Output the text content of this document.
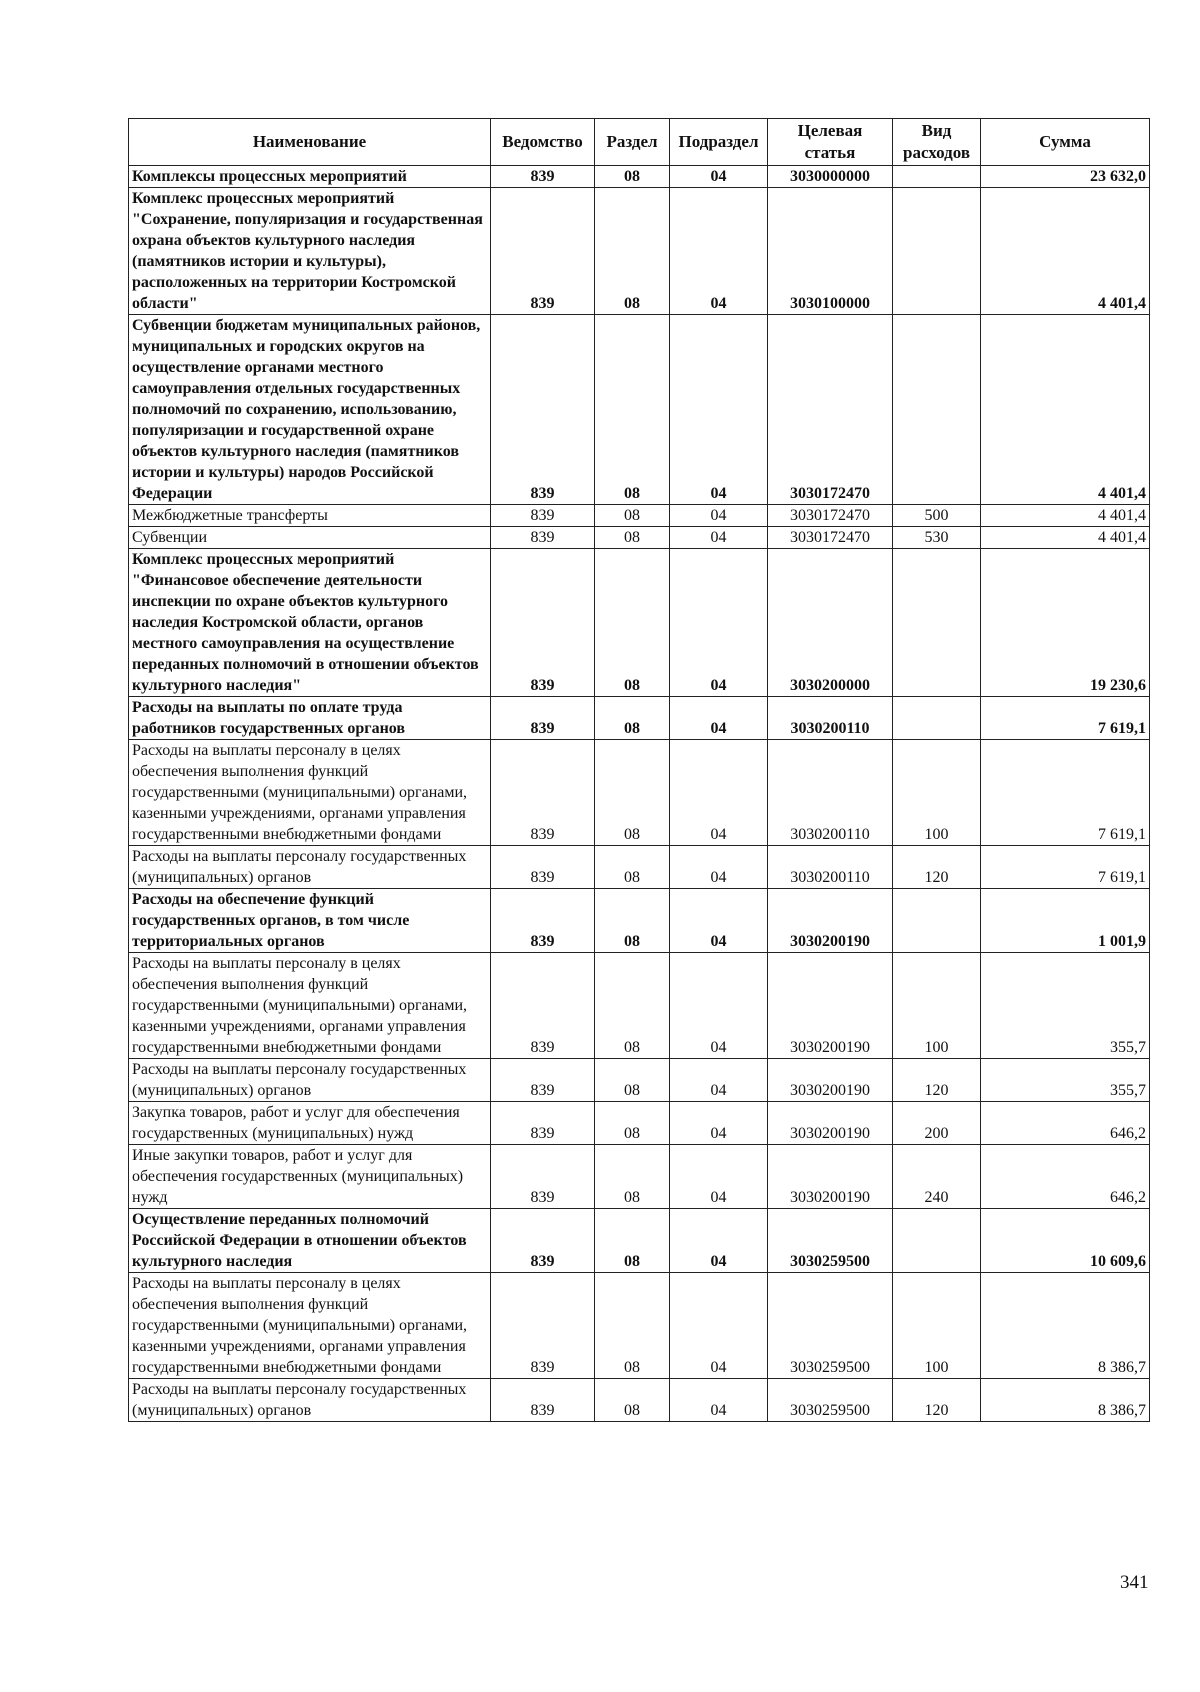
Наименование	Ведомство	Раздел	Подраздел	Целевая статья	Вид расходов	Сумма
Комплексы процессных мероприятий	839	08	04	3030000000		23 632,0
Комплекс процессных мероприятий "Сохранение, популяризация и государственная охрана объектов культурного наследия (памятников истории и культуры), расположенных на территории Костромской области"	839	08	04	3030100000		4 401,4
Субвенции бюджетам муниципальных районов, муниципальных и городских округов на осуществление органами местного самоуправления отдельных государственных полномочий по сохранению, использованию, популяризации и государственной охране объектов культурного наследия (памятников истории и культуры) народов Российской Федерации	839	08	04	3030172470		4 401,4
Межбюджетные трансферты	839	08	04	3030172470	500	4 401,4
Субвенции	839	08	04	3030172470	530	4 401,4
Комплекс процессных мероприятий "Финансовое обеспечение деятельности инспекции по охране объектов культурного наследия Костромской области, органов местного самоуправления на осуществление переданных полномочий в отношении объектов культурного наследия"	839	08	04	3030200000		19 230,6
Расходы на выплаты по оплате труда работников государственных органов	839	08	04	3030200110		7 619,1
Расходы на выплаты персоналу в целях обеспечения выполнения функций государственными (муниципальными) органами, казенными учреждениями, органами управления государственными внебюджетными фондами	839	08	04	3030200110	100	7 619,1
Расходы на выплаты персоналу государственных (муниципальных) органов	839	08	04	3030200110	120	7 619,1
Расходы на обеспечение функций государственных органов, в том числе территориальных органов	839	08	04	3030200190		1 001,9
Расходы на выплаты персоналу в целях обеспечения выполнения функций государственными (муниципальными) органами, казенными учреждениями, органами управления государственными внебюджетными фондами	839	08	04	3030200190	100	355,7
Расходы на выплаты персоналу государственных (муниципальных) органов	839	08	04	3030200190	120	355,7
Закупка товаров, работ и услуг для обеспечения государственных (муниципальных) нужд	839	08	04	3030200190	200	646,2
Иные закупки товаров, работ и услуг для обеспечения государственных (муниципальных) нужд	839	08	04	3030200190	240	646,2
Осуществление переданных полномочий Российской Федерации в отношении объектов культурного наследия	839	08	04	3030259500		10 609,6
Расходы на выплаты персоналу в целях обеспечения выполнения функций государственными (муниципальными) органами, казенными учреждениями, органами управления государственными внебюджетными фондами	839	08	04	3030259500	100	8 386,7
Расходы на выплаты персоналу государственных (муниципальных) органов	839	08	04	3030259500	120	8 386,7
341
